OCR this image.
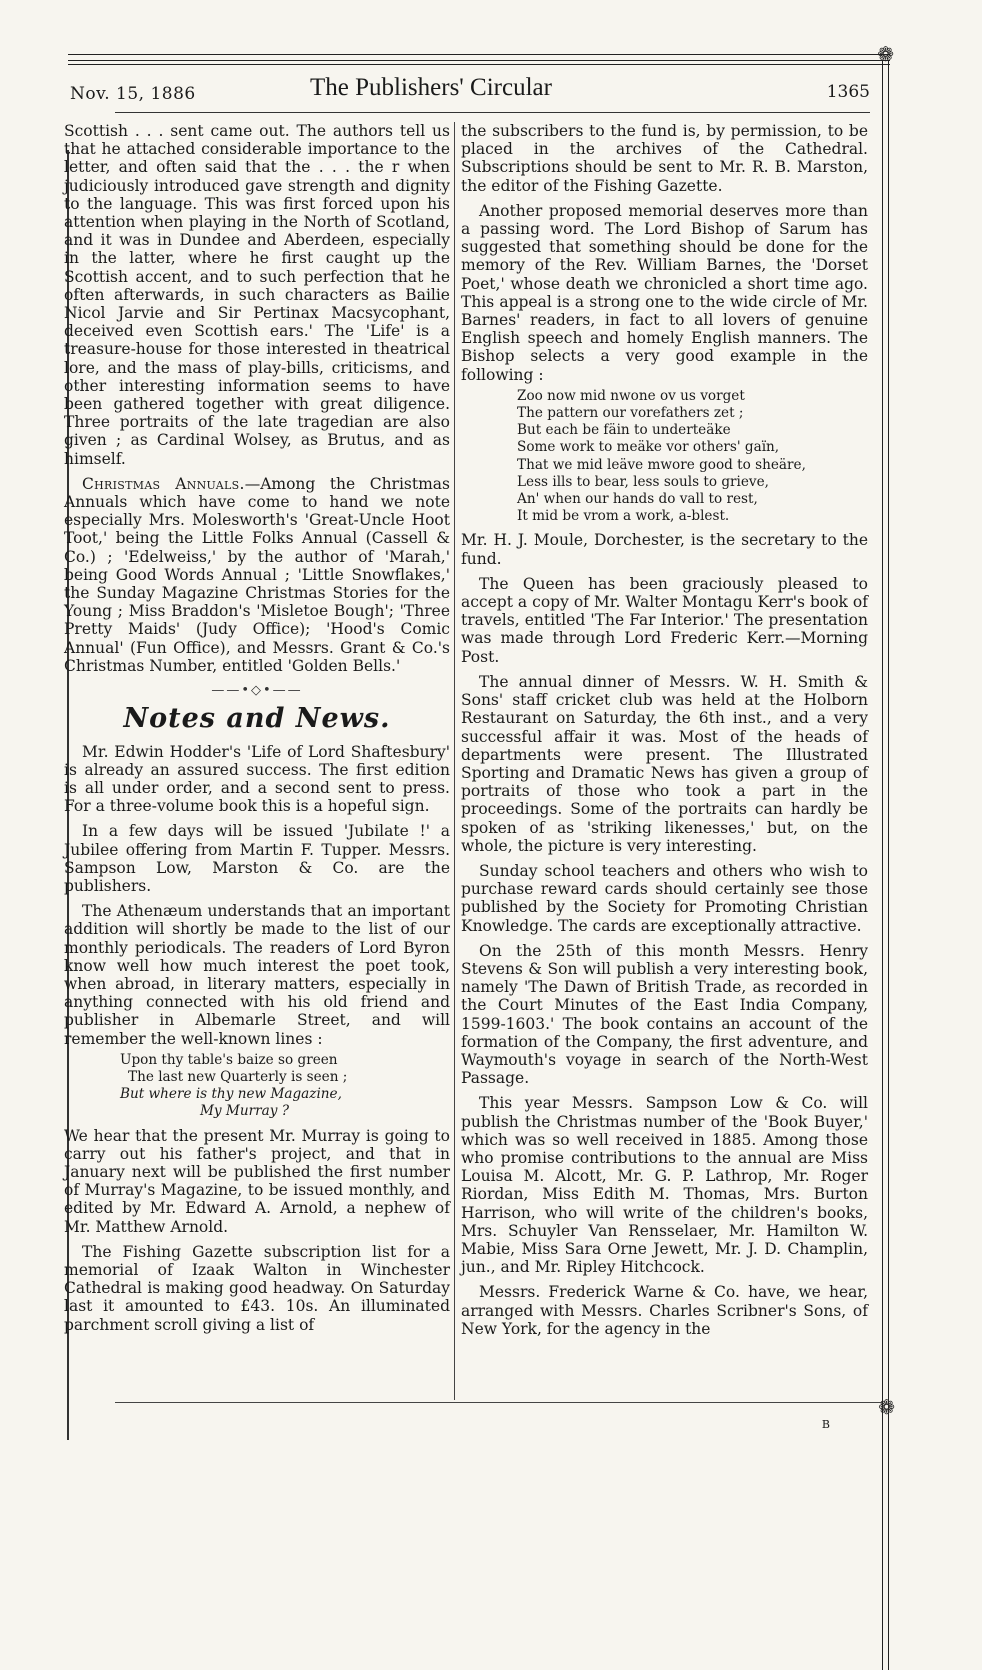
❁
❁
Nov. 15, 1886	The Publishers' Circular	1365

Scottish . . . sent came out. The authors tell us that he attached considerable importance to the letter, and often said that the . . . the r when judiciously introduced gave strength and dignity to the language. This was first forced upon his attention when playing in the North of Scotland, and it was in Dundee and Aberdeen, especially in the latter, where he first caught up the Scottish accent, and to such perfection that he often afterwards, in such characters as Bailie Nicol Jarvie and Sir Pertinax Macsycophant, deceived even Scottish ears.' The 'Life' is a treasure-house for those interested in theatrical lore, and the mass of play-bills, criticisms, and other interesting information seems to have been gathered together with great diligence. Three portraits of the late tragedian are also given ; as Cardinal Wolsey, as Brutus, and as himself.

Christmas Annuals.—Among the Christmas Annuals which have come to hand we note especially Mrs. Molesworth's 'Great-Uncle Hoot Toot,' being the Little Folks Annual (Cassell & Co.) ; 'Edelweiss,' by the author of 'Marah,' being Good Words Annual ; 'Little Snowflakes,' the Sunday Magazine Christmas Stories for the Young ; Miss Braddon's 'Misletoe Bough'; 'Three Pretty Maids' (Judy Office); 'Hood's Comic Annual' (Fun Office), and Messrs. Grant & Co.'s Christmas Number, entitled 'Golden Bells.'

——•◇•——
Notes and News.

Mr. Edwin Hodder's 'Life of Lord Shaftesbury' is already an assured success. The first edition is all under order, and a second sent to press. For a three-volume book this is a hopeful sign.

In a few days will be issued 'Jubilate !' a Jubilee offering from Martin F. Tupper. Messrs. Sampson Low, Marston & Co. are the publishers.

The Athenæum understands that an important addition will shortly be made to the list of our monthly periodicals. The readers of Lord Byron know well how much interest the poet took, when abroad, in literary matters, especially in anything connected with his old friend and publisher in Albemarle Street, and will remember the well-known lines :

Upon thy table's baize so green
The last new Quarterly is seen ;
But where is thy new Magazine,
My Murray ?

We hear that the present Mr. Murray is going to carry out his father's project, and that in January next will be published the first number of Murray's Magazine, to be issued monthly, and edited by Mr. Edward A. Arnold, a nephew of Mr. Matthew Arnold.

The Fishing Gazette subscription list for a memorial of Izaak Walton in Winchester Cathedral is making good headway. On Saturday last it amounted to £43. 10s. An illuminated parchment scroll giving a list of

the subscribers to the fund is, by permission, to be placed in the archives of the Cathedral. Subscriptions should be sent to Mr. R. B. Marston, the editor of the Fishing Gazette.

Another proposed memorial deserves more than a passing word. The Lord Bishop of Sarum has suggested that something should be done for the memory of the Rev. William Barnes, the 'Dorset Poet,' whose death we chronicled a short time ago. This appeal is a strong one to the wide circle of Mr. Barnes' readers, in fact to all lovers of genuine English speech and homely English manners. The Bishop selects a very good example in the following :

Zoo now mid nwone ov us vorget
The pattern our vorefathers zet ;
But each be fäin to underteäke
Some work to meäke vor others' gaïn,
That we mid leäve mwore good to sheäre,
Less ills to bear, less souls to grieve,
An' when our hands do vall to rest,
It mid be vrom a work, a-blest.

Mr. H. J. Moule, Dorchester, is the secretary to the fund.

The Queen has been graciously pleased to accept a copy of Mr. Walter Montagu Kerr's book of travels, entitled 'The Far Interior.' The presentation was made through Lord Frederic Kerr.—Morning Post.

The annual dinner of Messrs. W. H. Smith & Sons' staff cricket club was held at the Holborn Restaurant on Saturday, the 6th inst., and a very successful affair it was. Most of the heads of departments were present. The Illustrated Sporting and Dramatic News has given a group of portraits of those who took a part in the proceedings. Some of the portraits can hardly be spoken of as 'striking likenesses,' but, on the whole, the picture is very interesting.

Sunday school teachers and others who wish to purchase reward cards should certainly see those published by the Society for Promoting Christian Knowledge. The cards are exceptionally attractive.

On the 25th of this month Messrs. Henry Stevens & Son will publish a very interesting book, namely 'The Dawn of British Trade, as recorded in the Court Minutes of the East India Company, 1599-1603.' The book contains an account of the formation of the Company, the first adventure, and Waymouth's voyage in search of the North-West Passage.

This year Messrs. Sampson Low & Co. will publish the Christmas number of the 'Book Buyer,' which was so well received in 1885. Among those who promise contributions to the annual are Miss Louisa M. Alcott, Mr. G. P. Lathrop, Mr. Roger Riordan, Miss Edith M. Thomas, Mrs. Burton Harrison, who will write of the children's books, Mrs. Schuyler Van Rensselaer, Mr. Hamilton W. Mabie, Miss Sara Orne Jewett, Mr. J. D. Champlin, jun., and Mr. Ripley Hitchcock.

Messrs. Frederick Warne & Co. have, we hear, arranged with Messrs. Charles Scribner's Sons, of New York, for the agency in the

B
